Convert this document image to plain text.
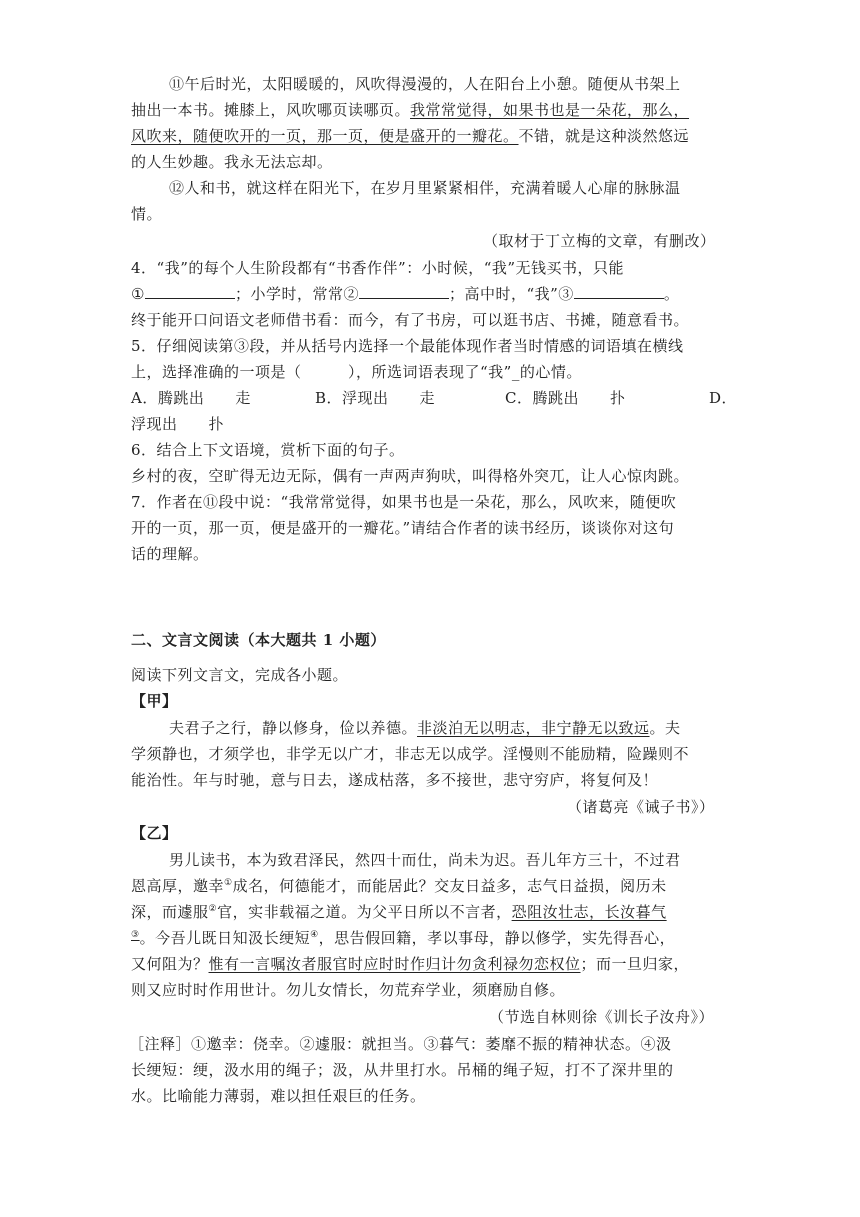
⑪午后时光，太阳暖暖的，风吹得漫漫的，人在阳台上小憩。随便从书架上
抽出一本书。摊膝上，风吹哪页读哪页。我常常觉得，如果书也是一朵花，那么，
风吹来，随便吹开的一页，那一页，便是盛开的一瓣花。不错，就是这种淡然悠远
的人生妙趣。我永无法忘却。
⑫人和书，就这样在阳光下，在岁月里紧紧相伴，充满着暖人心扉的脉脉温
情。
（取材于丁立梅的文章，有删改）
4．“我”的每个人生阶段都有“书香作伴”：小时候，“我”无钱买书，只能
①	；小学时，常常②	；高中时，“我”③	。
终于能开口问语文老师借书看：而今，有了书房，可以逛书店、书摊，随意看书。
5．仔细阅读第③段，并从括号内选择一个最能体现作者当时情感的词语填在横线
上，选择准确的一项是（　　　），所选词语表现了“我”_的心情。
A．腾跳出　　走	B．浮现出　　走	C．腾跳出　　扑	D．
浮现出　　扑
6．结合上下文语境，赏析下面的句子。
乡村的夜，空旷得无边无际，偶有一声两声狗吠，叫得格外突兀，让人心惊肉跳。
7．作者在⑪段中说：“我常常觉得，如果书也是一朵花，那么，风吹来，随便吹
开的一页，那一页，便是盛开的一瓣花。”请结合作者的读书经历，谈谈你对这句
话的理解。
二、文言文阅读（本大题共 1 小题）
阅读下列文言文，完成各小题。
【甲】
夫君子之行，静以修身，俭以养德。非淡泊无以明志，非宁静无以致远。夫
学须静也，才须学也，非学无以广才，非志无以成学。淫慢则不能励精，险躁则不
能治性。年与时驰，意与日去，遂成枯落，多不接世，悲守穷庐，将复何及！
（诸葛亮《诫子书》）
【乙】
男儿读书，本为致君泽民，然四十而仕，尚未为迟。吾儿年方三十，不过君
恩高厚，邀幸①成名，何德能才，而能居此？交友日益多，志气日益损，阅历未
深，而遽服②官，实非载福之道。为父平日所以不言者，恐阻汝壮志，长汝暮气
③。今吾儿既日知汲长绠短④，思告假回籍，孝以事母，静以修学，实先得吾心，
又何阻为？惟有一言嘱汝者服官时应时时作归计勿贪利禄勿恋权位；而一旦归家，
则又应时时作用世计。勿儿女情长，勿荒弃学业，须磨励自修。
（节选自林则徐《训长子汝舟》）
［注释］①邀幸：侥幸。②遽服：就担当。③暮气：萎靡不振的精神状态。④汲
长绠短：绠，汲水用的绳子；汲，从井里打水。吊桶的绳子短，打不了深井里的
水。比喻能力薄弱，难以担任艰巨的任务。
